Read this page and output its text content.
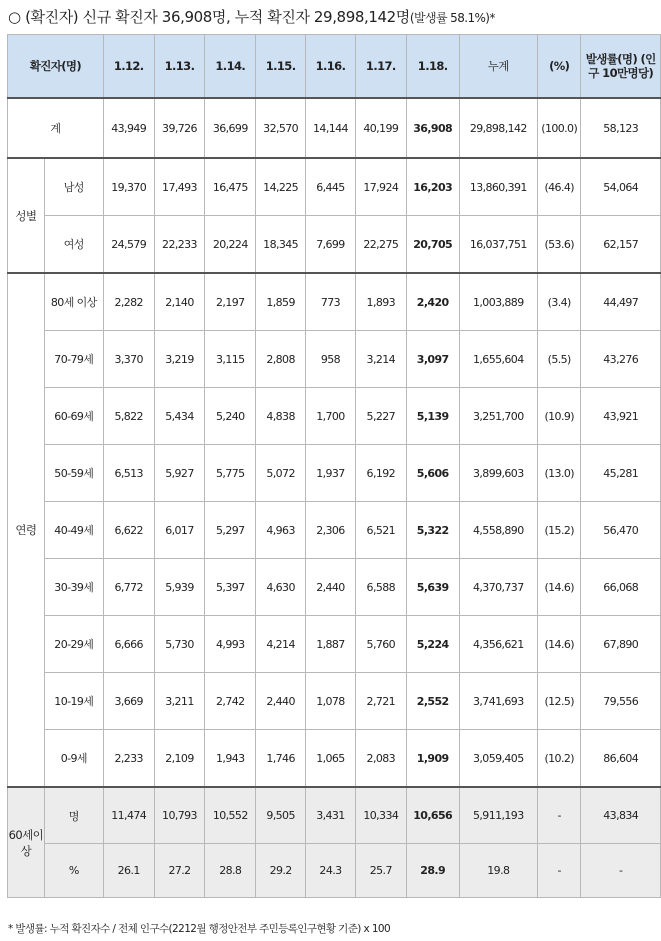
○ (확진자) 신규 확진자 36,908명, 누적 확진자 29,898,142명(발생률 58.1%)*
확진자(명)		1.12.	1.13.	1.14.	1.15.	1.16.	1.17.	1.18.	누계	(%)	발생률(명) (인구 10만명당)
계		43,949	39,726	36,699	32,570	14,144	40,199	36,908	29,898,142	(100.0)	58,123
성별	남성	19,370	17,493	16,475	14,225	6,445	17,924	16,203	13,860,391	(46.4)	54,064
	여성	24,579	22,233	20,224	18,345	7,699	22,275	20,705	16,037,751	(53.6)	62,157
연령	80세 이상	2,282	2,140	2,197	1,859	773	1,893	2,420	1,003,889	(3.4)	44,497
	70-79세	3,370	3,219	3,115	2,808	958	3,214	3,097	1,655,604	(5.5)	43,276
	60-69세	5,822	5,434	5,240	4,838	1,700	5,227	5,139	3,251,700	(10.9)	43,921
	50-59세	6,513	5,927	5,775	5,072	1,937	6,192	5,606	3,899,603	(13.0)	45,281
	40-49세	6,622	6,017	5,297	4,963	2,306	6,521	5,322	4,558,890	(15.2)	56,470
	30-39세	6,772	5,939	5,397	4,630	2,440	6,588	5,639	4,370,737	(14.6)	66,068
	20-29세	6,666	5,730	4,993	4,214	1,887	5,760	5,224	4,356,621	(14.6)	67,890
	10-19세	3,669	3,211	2,742	2,440	1,078	2,721	2,552	3,741,693	(12.5)	79,556
	0-9세	2,233	2,109	1,943	1,746	1,065	2,083	1,909	3,059,405	(10.2)	86,604
60세이상	명	11,474	10,793	10,552	9,505	3,431	10,334	10,656	5,911,193	-	43,834
	%	26.1	27.2	28.8	29.2	24.3	25.7	28.9	19.8	-	-
* 발생률: 누적 확진자수 / 전체 인구수(2212월 행정안전부 주민등록인구현황 기준) x 100
